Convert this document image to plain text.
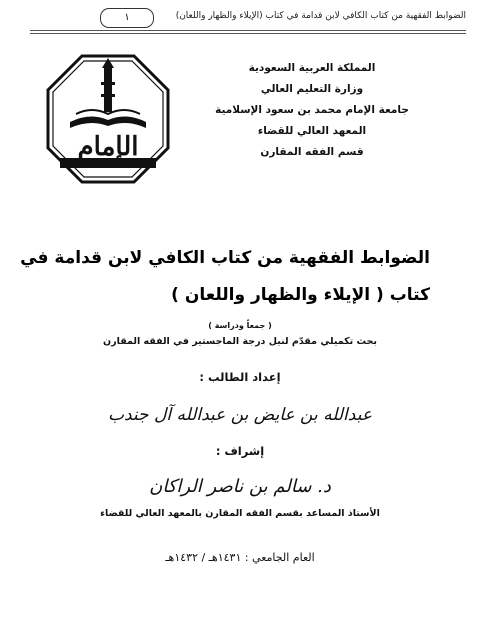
الضوابط الفقهية من كتاب الكافي لابن قدامة في كتاب (الإيلاء والظهار واللعان)
١
الإمام
المملكة العربية السعودية
وزارة التعليم العالي
جامعة الإمام محمد بن سعود الإسلامية
المعهد العالي للقضاء
قسم الفقه المقارن
الضوابط الفقهية من كتاب الكافي لابن قدامة في
كتاب ( الإيلاء والظهار واللعان )
( جمعاً ودراسة )
بحث تكميلي مقدّم لنيل درجة الماجستير في الفقه المقارن
إعداد الطالب :
عبدالله بن عايض بن عبدالله آل جندب
إشراف :
د. سالم بن ناصر الراكان
الأستاذ المساعد بقسم الفقه المقارن بالمعهد العالي للقضاء
العام الجامعي : ١٤٣١هـ / ١٤٣٢هـ
